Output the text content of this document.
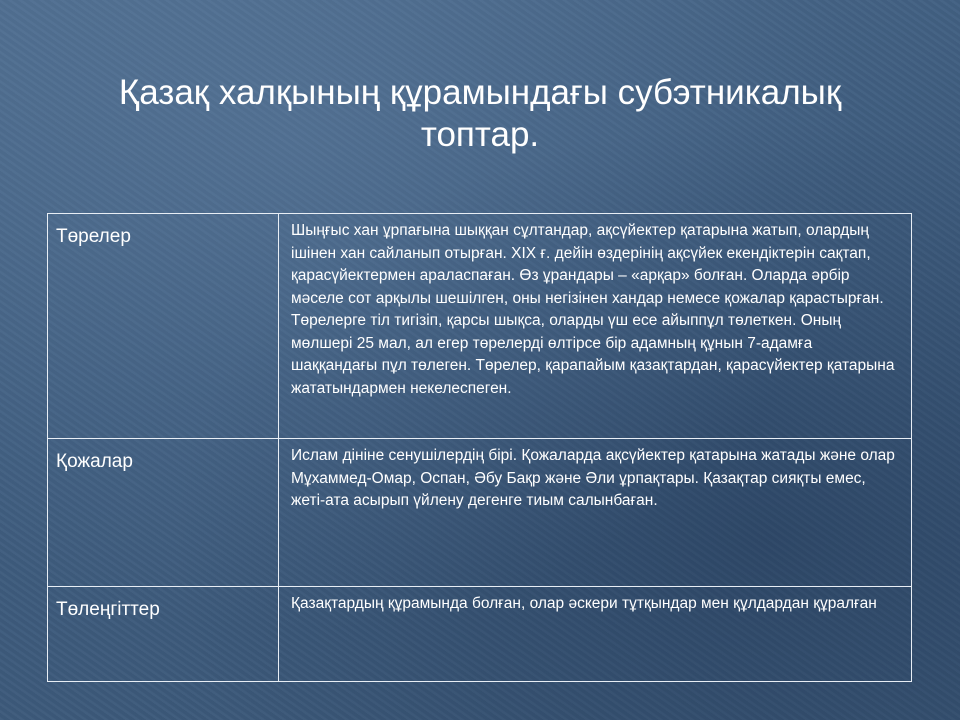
Қазақ халқының құрамындағы субэтникалық
топтар.
Төрелер	Шыңғыс хан ұрпағына шыққан сұлтандар, ақсүйектер қатарына жатып, олардың ішінен хан сайланып отырған. XIX ғ. дейін өздерінің ақсүйек екендіктерін сақтап, қарасүйектермен араласпаған. Өз ұрандары – «арқар» болған. Оларда әрбір мәселе сот арқылы шешілген, оны негізінен хандар немесе қожалар қарастырған. Төрелерге тіл тигізіп, қарсы шықса, оларды үш есе айыппұл төлеткен. Оның мөлшері 25 мал, ал егер төрелерді өлтірсе бір адамның құнын 7-адамға шаққандағы пұл төлеген. Төрелер, қарапайым қазақтардан, қарасүйектер қатарына жататындармен некелеспеген.
Қожалар	Ислам дініне сенушілердің бірі. Қожаларда ақсүйектер қатарына жатады және олар Мұхаммед-Омар, Оспан, Әбу Бақр және Әли ұрпақтары. Қазақтар сияқты емес, жеті-ата асырып үйлену дегенге тиым салынбаған.
Төлеңгіттер	Қазақтардың құрамында болған, олар әскери тұтқындар мен құлдардан құралған
